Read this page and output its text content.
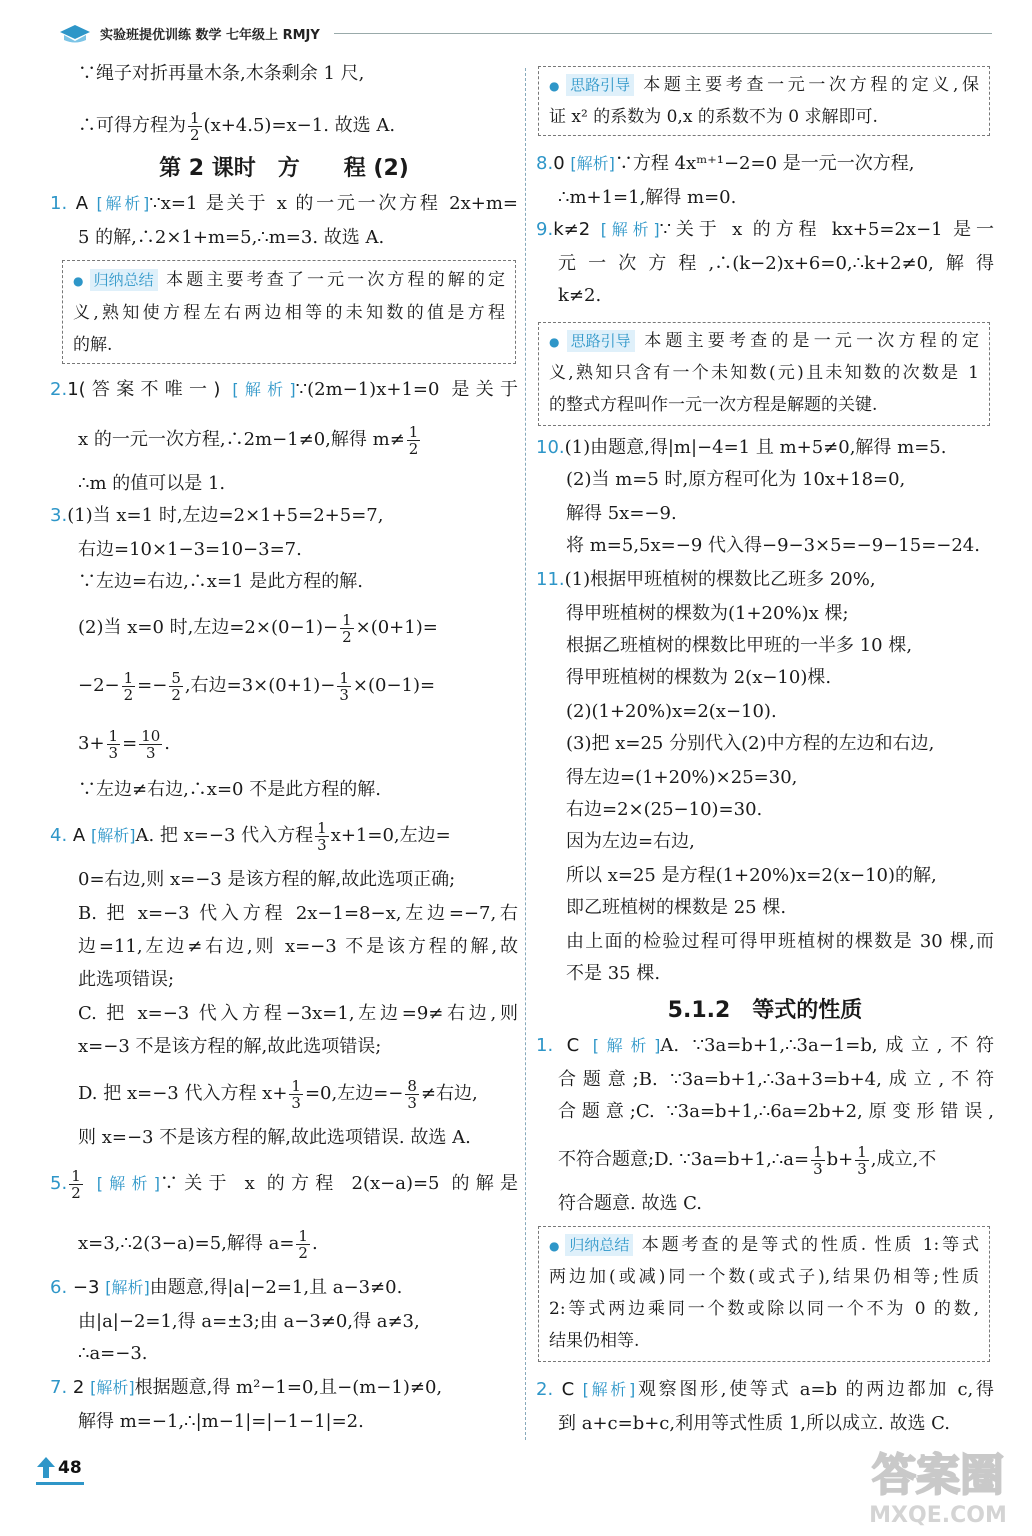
实验班提优训练 数学 七年级上 RMJY
∵绳子对折再量木条,木条剩余 1 尺,
∴可得方程为 $\frac{1}{2} (x+4.5)=x-1$. 故选 A.
第 2 课时　方　　程 (2)
1. A [解析]∵x=1 是关于 x 的一元一次方程 2x+m=
5 的解,∴2×1+m=5,∴m=3. 故选 A.
● 归纳总结 本题主要考查了一元一次方程的解的定
义,熟知使方程左右两边相等的未知数的值是方程
的解.
2.1(答案不唯一) [解析]∵(2m−1)x+1=0 是关于
x 的一元一次方程,∴2m−1≠0,解得 $m\ne \frac{1}{2}$
∴m 的值可以是 1.
3.(1)当 x=1 时,左边=2×1+5=2+5=7,
右边=10×1−3=10−3=7.
∵左边=右边,∴x=1 是此方程的解.
(2)当 x=0 时,左边$=2\times(0-1)- \frac{1}{2} \times(0+1)=$
$-2- \frac{1}{2} =- \frac{5}{2}$ ,右边$=3\times(0+1)- \frac{1}{3} \times(0-1)=$
$3+ \frac{1}{3} = \frac{10}{3}$ .
∵左边≠右边,∴x=0 不是此方程的解.
4. A [解析]A. 把 x=−3 代入方程 $\frac{1}{3} x+1=0$,左边=
0=右边,则 x=−3 是该方程的解,故此选项正确;
B. 把 x=−3 代入方程 2x−1=8−x,左边=−7,右
边=11,左边≠右边,则 x=−3 不是该方程的解,故
此选项错误;
C. 把 x=−3 代入方程−3x=1,左边=9≠右边,则
x=−3 不是该方程的解,故此选项错误;
D. 把 x=−3 代入方程 $x+ \frac{1}{3} =0$,左边=− $\frac{8}{3}$ ≠右边,
则 x=−3 不是该方程的解,故此选项错误. 故选 A.
5. $\frac{1}{2}$ [解析]∵关于 x 的方程 2(x−a)=5 的解是
x=3,∴2(3−a)=5,解得 $a= \frac{1}{2}$ .
6. −3 [解析]由题意,得|a|−2=1,且 a−3≠0.
由|a|−2=1,得 a=±3;由 a−3≠0,得 a≠3,
∴a=−3.
7. 2 [解析]根据题意,得 m²−1=0,且−(m−1)≠0,
解得 m=−1,∴|m−1|=|−1−1|=2.
● 思路引导 本题主要考查一元一次方程的定义,保
证 x² 的系数为 0,x 的系数不为 0 求解即可.
8.0 [解析]∵方程 4xᵐ⁺¹−2=0 是一元一次方程,
∴m+1=1,解得 m=0.
9.k≠2 [解析]∵关于 x 的方程 kx+5=2x−1 是一
元一次方程,∴(k−2)x+6=0,∴k+2≠0,解得
k≠2.
● 思路引导 本题主要考查的是一元一次方程的定
义,熟知只含有一个未知数(元)且未知数的次数是 1
的整式方程叫作一元一次方程是解题的关键.
10.(1)由题意,得|m|−4=1 且 m+5≠0,解得 m=5.
(2)当 m=5 时,原方程可化为 10x+18=0,
解得 5x=−9.
将 m=5,5x=−9 代入得−9−3×5=−9−15=−24.
11.(1)根据甲班植树的棵数比乙班多 20%,
得甲班植树的棵数为(1+20%)x 棵;
根据乙班植树的棵数比甲班的一半多 10 棵,
得甲班植树的棵数为 2(x−10)棵.
(2)(1+20%)x=2(x−10).
(3)把 x=25 分别代入(2)中方程的左边和右边,
得左边=(1+20%)×25=30,
右边=2×(25−10)=30.
因为左边=右边,
所以 x=25 是方程(1+20%)x=2(x−10)的解,
即乙班植树的棵数是 25 棵.
由上面的检验过程可得甲班植树的棵数是 30 棵,而
不是 35 棵.
5.1.2　等式的性质
1. C [解析]A. ∵3a=b+1,∴3a−1=b,成立,不符
合题意;B. ∵3a=b+1,∴3a+3=b+4,成立,不符
合题意;C. ∵3a=b+1,∴6a=2b+2,原变形错误,
不符合题意;D. ∵3a=b+1,∴a= $\frac{1}{3} b+ \frac{1}{3}$ ,成立,不
符合题意. 故选 C.
● 归纳总结 本题考查的是等式的性质. 性质 1:等式
两边加(或减)同一个数(或式子),结果仍相等;性质
2:等式两边乘同一个数或除以同一个不为 0 的数,
结果仍相等.
2. C [解析]观察图形,使等式 a=b 的两边都加 c,得
到 a+c=b+c,利用等式性质 1,所以成立. 故选 C.
48	答案圈
MXQE.COM
